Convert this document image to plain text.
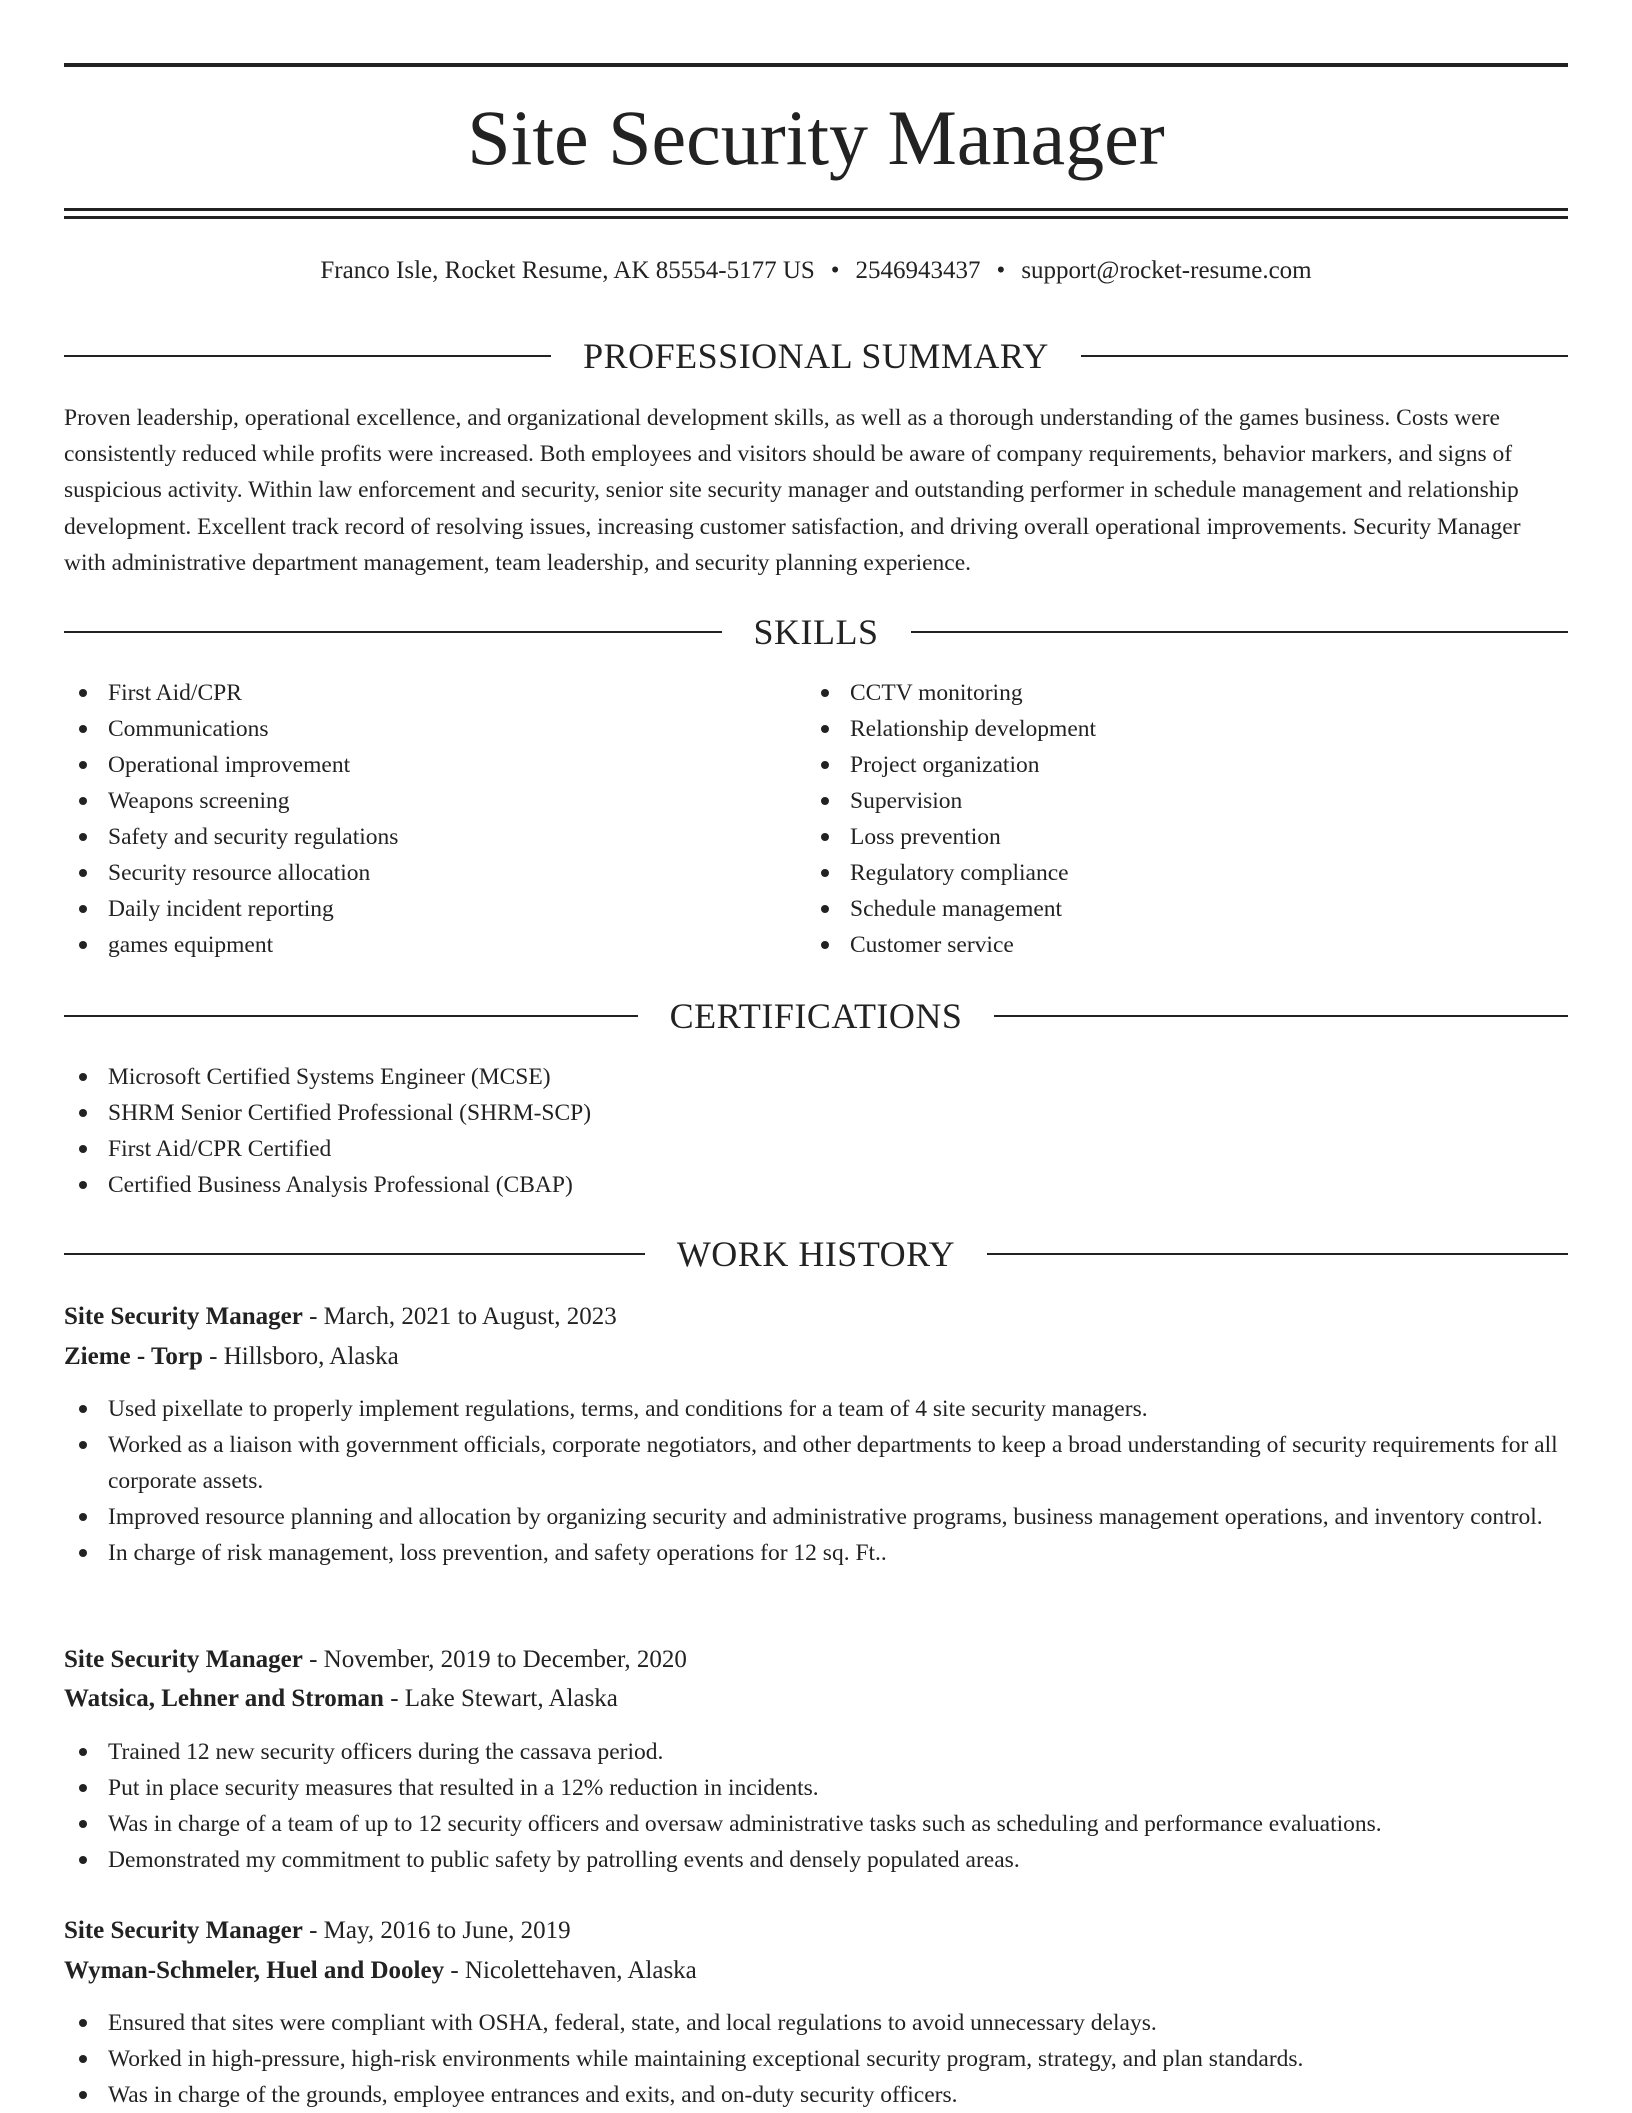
Site Security Manager
Franco Isle, Rocket Resume, AK 85554-5177 US • 2546943437 • support@rocket-resume.com
PROFESSIONAL SUMMARY

Proven leadership, operational excellence, and organizational development skills, as well as a thorough understanding of the games business. Costs were consistently reduced while profits were increased. Both employees and visitors should be aware of company requirements, behavior markers, and signs of suspicious activity. Within law enforcement and security, senior site security manager and outstanding performer in schedule management and relationship development. Excellent track record of resolving issues, increasing customer satisfaction, and driving overall operational improvements. Security Manager with administrative department management, team leadership, and security planning experience.

SKILLS
First Aid/CPR
Communications
Operational improvement
Weapons screening
Safety and security regulations
Security resource allocation
Daily incident reporting
games equipment
CCTV monitoring
Relationship development
Project organization
Supervision
Loss prevention
Regulatory compliance
Schedule management
Customer service
CERTIFICATIONS
Microsoft Certified Systems Engineer (MCSE)
SHRM Senior Certified Professional (SHRM-SCP)
First Aid/CPR Certified
Certified Business Analysis Professional (CBAP)
WORK HISTORY
Site Security Manager - March, 2021 to August, 2023
Zieme - Torp - Hillsboro, Alaska
Used pixellate to properly implement regulations, terms, and conditions for a team of 4 site security managers.
Worked as a liaison with government officials, corporate negotiators, and other departments to keep a broad understanding of security requirements for all corporate assets.
Improved resource planning and allocation by organizing security and administrative programs, business management operations, and inventory control.
In charge of risk management, loss prevention, and safety operations for 12 sq. Ft..
Site Security Manager - November, 2019 to December, 2020
Watsica, Lehner and Stroman - Lake Stewart, Alaska
Trained 12 new security officers during the cassava period.
Put in place security measures that resulted in a 12% reduction in incidents.
Was in charge of a team of up to 12 security officers and oversaw administrative tasks such as scheduling and performance evaluations.
Demonstrated my commitment to public safety by patrolling events and densely populated areas.
Site Security Manager - May, 2016 to June, 2019
Wyman-Schmeler, Huel and Dooley - Nicolettehaven, Alaska
Ensured that sites were compliant with OSHA, federal, state, and local regulations to avoid unnecessary delays.
Worked in high-pressure, high-risk environments while maintaining exceptional security program, strategy, and plan standards.
Was in charge of the grounds, employee entrances and exits, and on-duty security officers.
